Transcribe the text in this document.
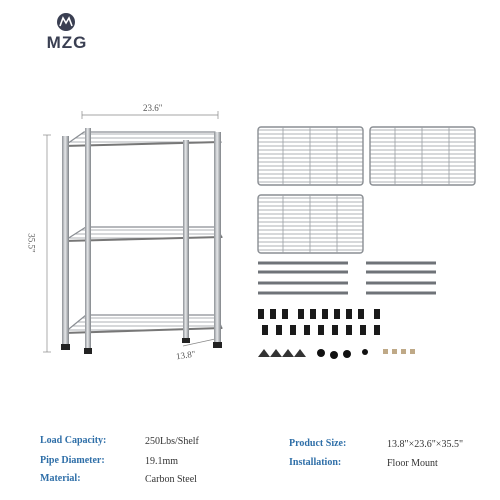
MZG
23.6"
35.5"
13.8"
Load Capacity:	250Lbs/Shelf
Pipe Diameter:	19.1mm
Material:	Carbon Steel
Product Size:	13.8"×23.6"×35.5"
Installation:	Floor Mount
